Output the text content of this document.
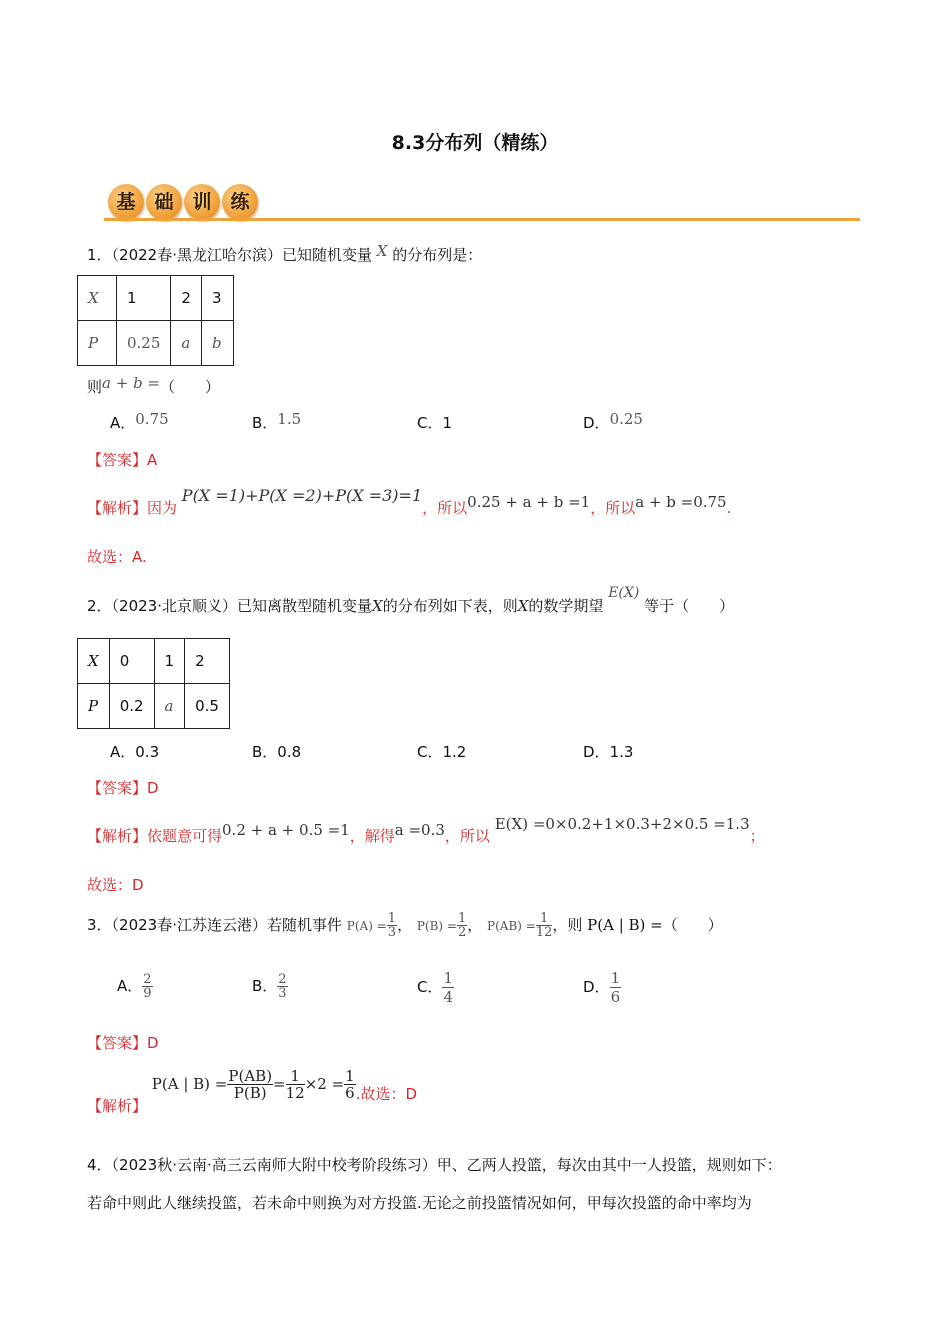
8.3分布列（精练）
基 础 训 练
1．（2022春·黑龙江哈尔滨）已知随机变量 X 的分布列是：
X	1	2	3
P	0.25	a	b
则a + b =（　　）
A．0.75	B．1.5	C．1	D．0.25
【答案】A
【解析】因为 P(X =1)+P(X =2)+P(X =3)=1，所以0.25 + a + b =1，所以a + b =0.75.
故选：A.
2．（2023·北京顺义）已知离散型随机变量X的分布列如下表，则X的数学期望 E(X) 等于（　　）
X	0	1	2
P	0.2	a	0.5
A．0.3	B．0.8	C．1.2	D．1.3
【答案】D
【解析】依题意可得0.2 + a + 0.5 =1，解得a =0.3，所以 E(X) =0×0.2+1×0.3+2×0.5 =1.3；
故选：D
3．（2023春·江苏连云港）若随机事件 $P(A) = \frac{1}{3}$ ， $P(B) = \frac{1}{2}$ ， $P(AB) = \frac{1}{12}$ ，则 P(A | B) =（　　）
A． $\frac{2}{9}$	B． $\frac{2}{3}$	C． $\frac{1}{4}$	D． $\frac{1}{6}$
【答案】D
【解析】 P(A | $B) = \frac{P(AB)}{P(B)} = \frac{1}{12} \times 2 = \frac{1}{6}$ .故选：D
4．（2023秋·云南·高三云南师大附中校考阶段练习）甲、乙两人投篮，每次由其中一人投篮，规则如下：
若命中则此人继续投篮，若未命中则换为对方投篮.无论之前投篮情况如何，甲每次投篮的命中率均为
